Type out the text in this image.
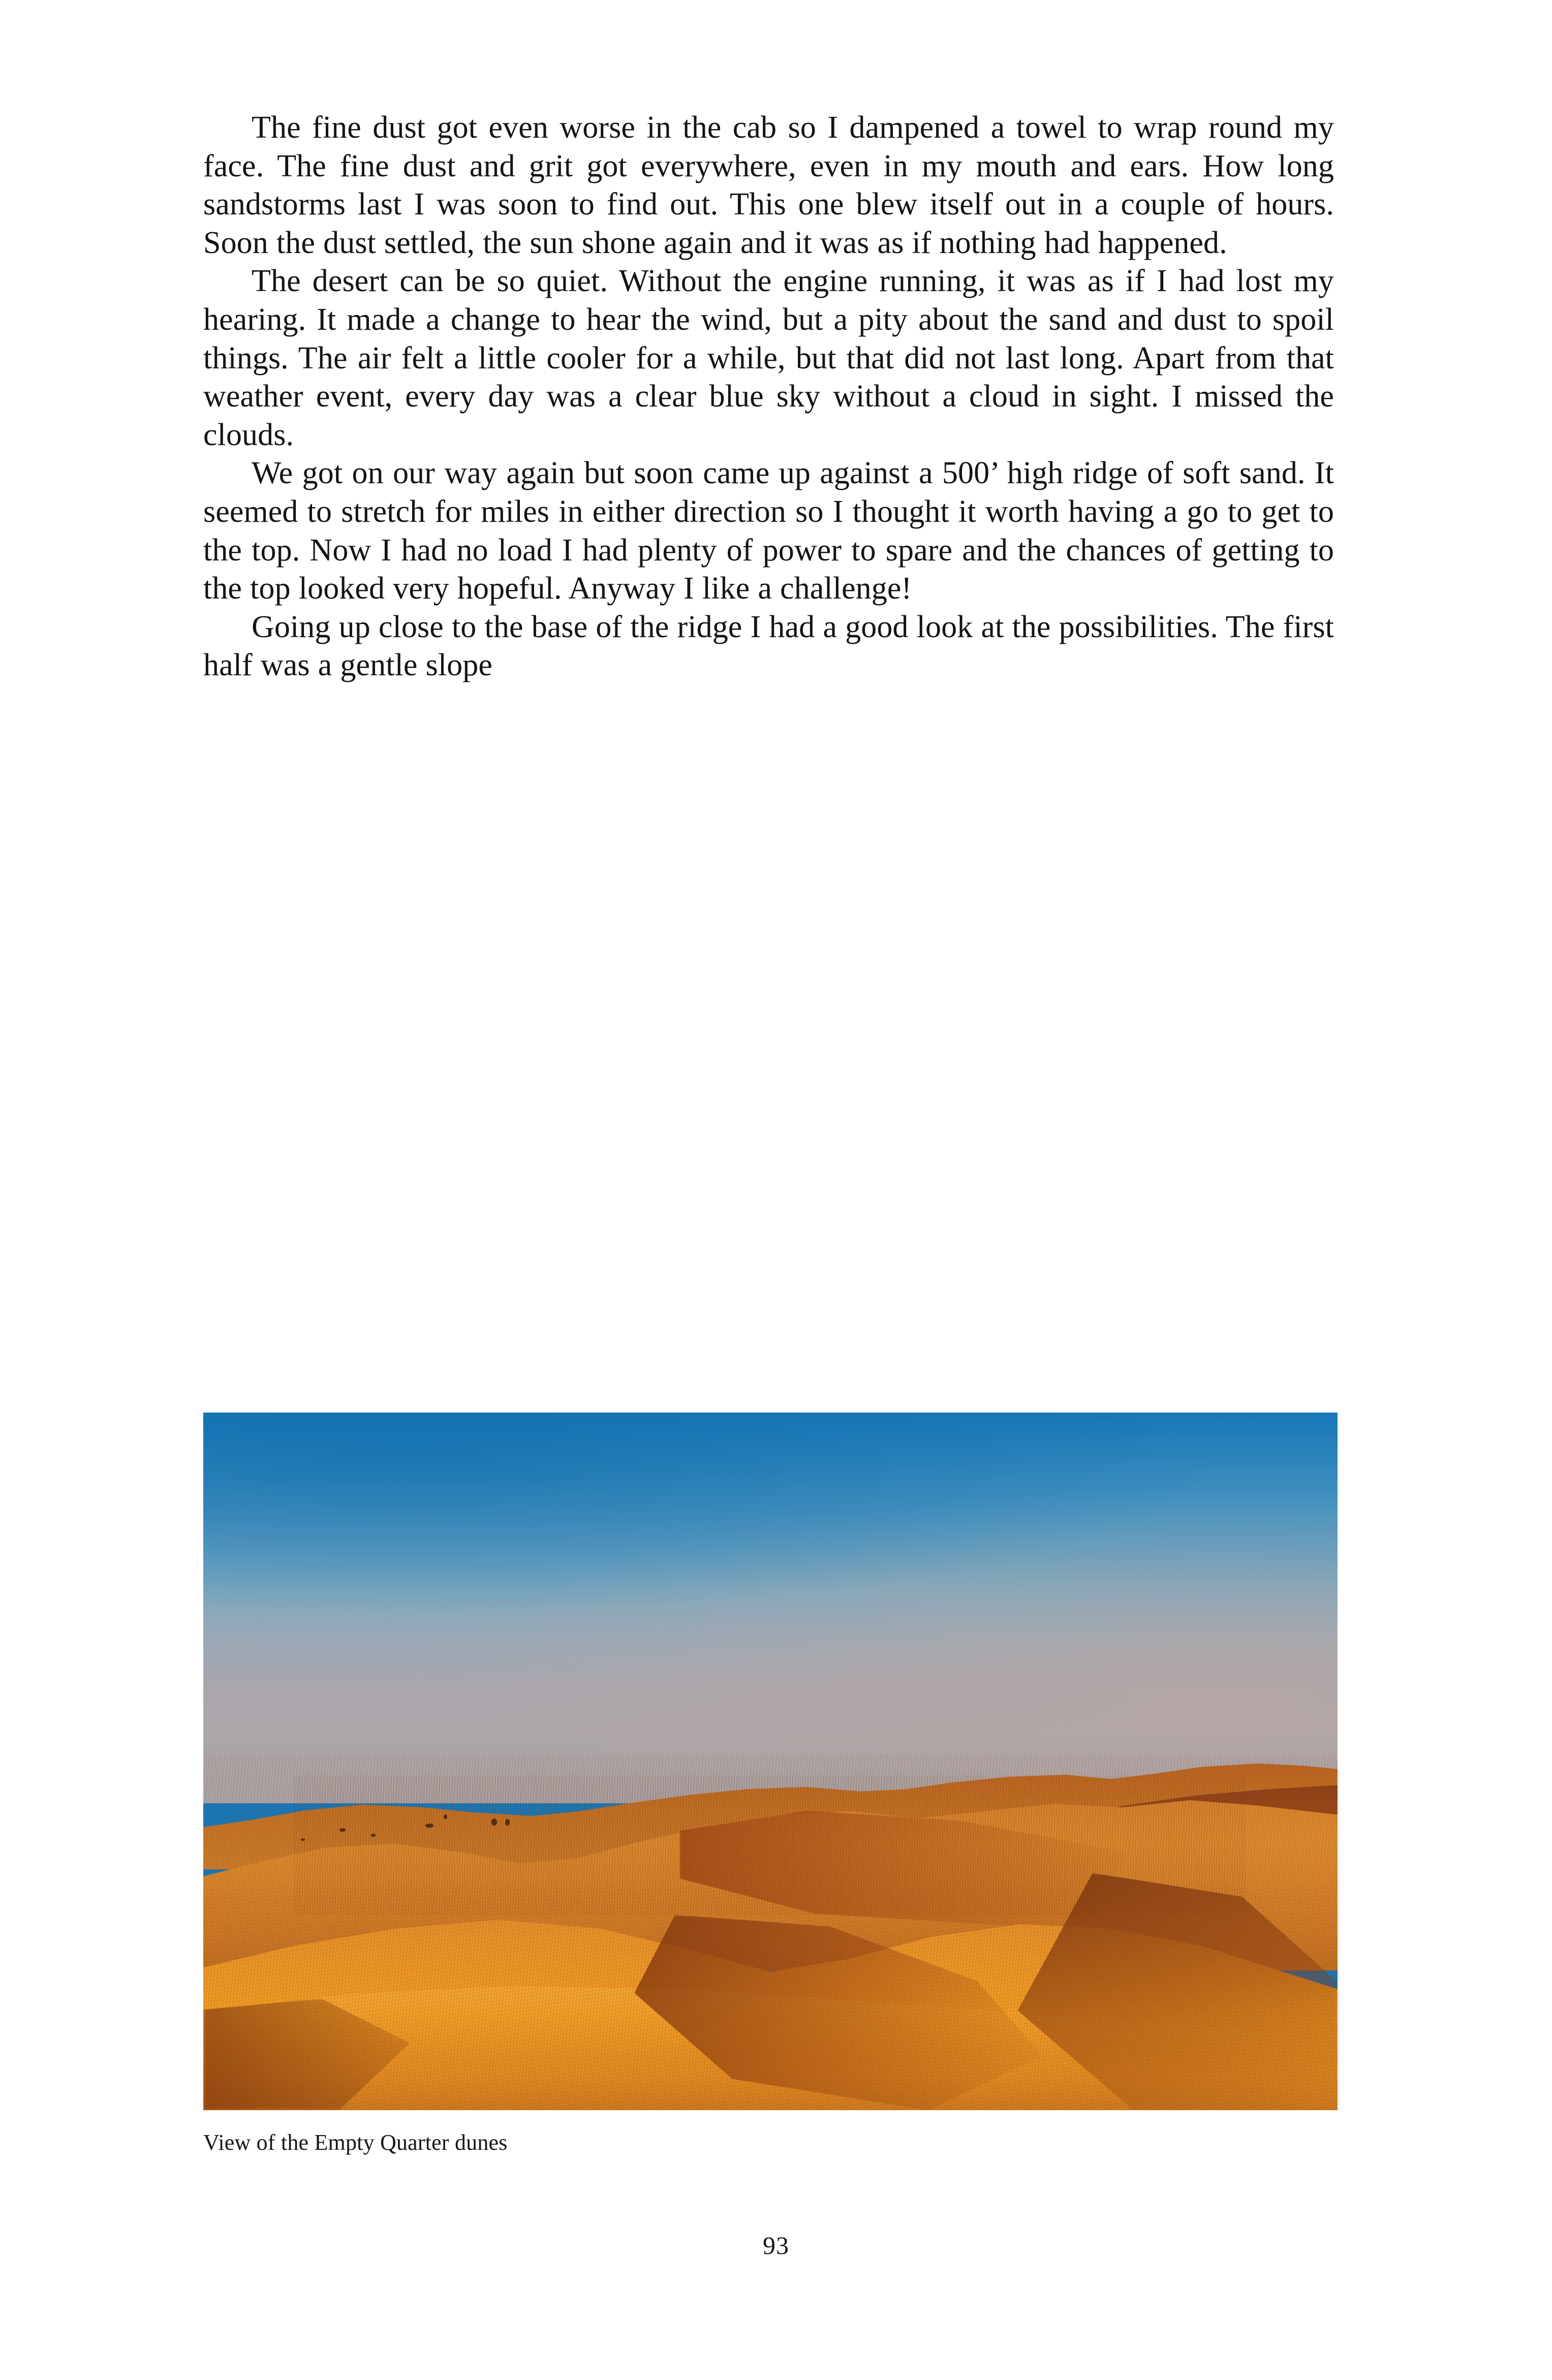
The fine dust got even worse in the cab so I dampened a towel to wrap round my face. The fine dust and grit got everywhere, even in my mouth and ears. How long sandstorms last I was soon to find out. This one blew itself out in a couple of hours. Soon the dust settled, the sun shone again and it was as if nothing had happened.

The desert can be so quiet. Without the engine running, it was as if I had lost my hearing. It made a change to hear the wind, but a pity about the sand and dust to spoil things. The air felt a little cooler for a while, but that did not last long. Apart from that weather event, every day was a clear blue sky without a cloud in sight. I missed the clouds.

We got on our way again but soon came up against a 500’ high ridge of soft sand. It seemed to stretch for miles in either direction so I thought it worth having a go to get to the top. Now I had no load I had plenty of power to spare and the chances of getting to the top looked very hopeful. Anyway I like a challenge!

Going up close to the base of the ridge I had a good look at the possibilities. The first half was a gentle slope

View of the Empty Quarter dunes
93
